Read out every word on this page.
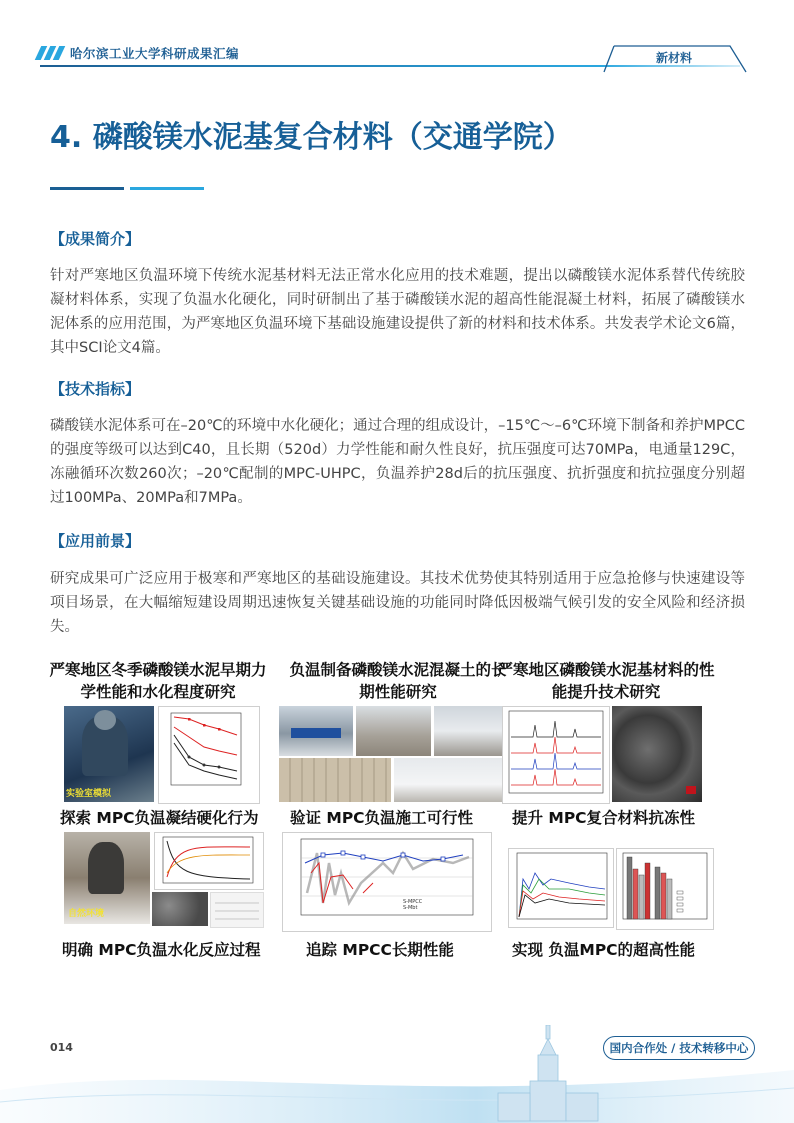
哈尔滨工业大学科研成果汇编	新材料
4. 磷酸镁水泥基复合材料（交通学院）
【成果简介】
针对严寒地区负温环境下传统水泥基材料无法正常水化应用的技术难题，提出以磷酸镁水泥体系替代传统胶凝材料体系，实现了负温水化硬化，同时研制出了基于磷酸镁水泥的超高性能混凝土材料，拓展了磷酸镁水泥体系的应用范围，为严寒地区负温环境下基础设施建设提供了新的材料和技术体系。共发表学术论文6篇，其中SCI论文4篇。
【技术指标】
磷酸镁水泥体系可在–20℃的环境中水化硬化；通过合理的组成设计，–15℃～–6℃环境下制备和养护MPCC的强度等级可以达到C40，且长期（520d）力学性能和耐久性良好，抗压强度可达70MPa，电通量129C，冻融循环次数260次；–20℃配制的MPC-UHPC，负温养护28d后的抗压强度、抗折强度和抗拉强度分别超过100MPa、20MPa和7MPa。
【应用前景】
研究成果可广泛应用于极寒和严寒地区的基础设施建设。其技术优势使其特别适用于应急抢修与快速建设等项目场景，在大幅缩短建设周期迅速恢复关键基础设施的功能同时降低因极端气候引发的安全风险和经济损失。
严寒地区冬季磷酸镁水泥早期力学性能和水化程度研究
负温制备磷酸镁水泥混凝土的长期性能研究
严寒地区磷酸镁水泥基材料的性能提升技术研究
实验室模拟
探索 MPC负温凝结硬化行为
自然环境
明确 MPC负温水化反应过程
验证 MPC负温施工可行性
S-MPCC
S-Mbt
追踪 MPCC长期性能
提升 MPC复合材料抗冻性
实现 负温MPC的超高性能
014	国内合作处 / 技术转移中心
